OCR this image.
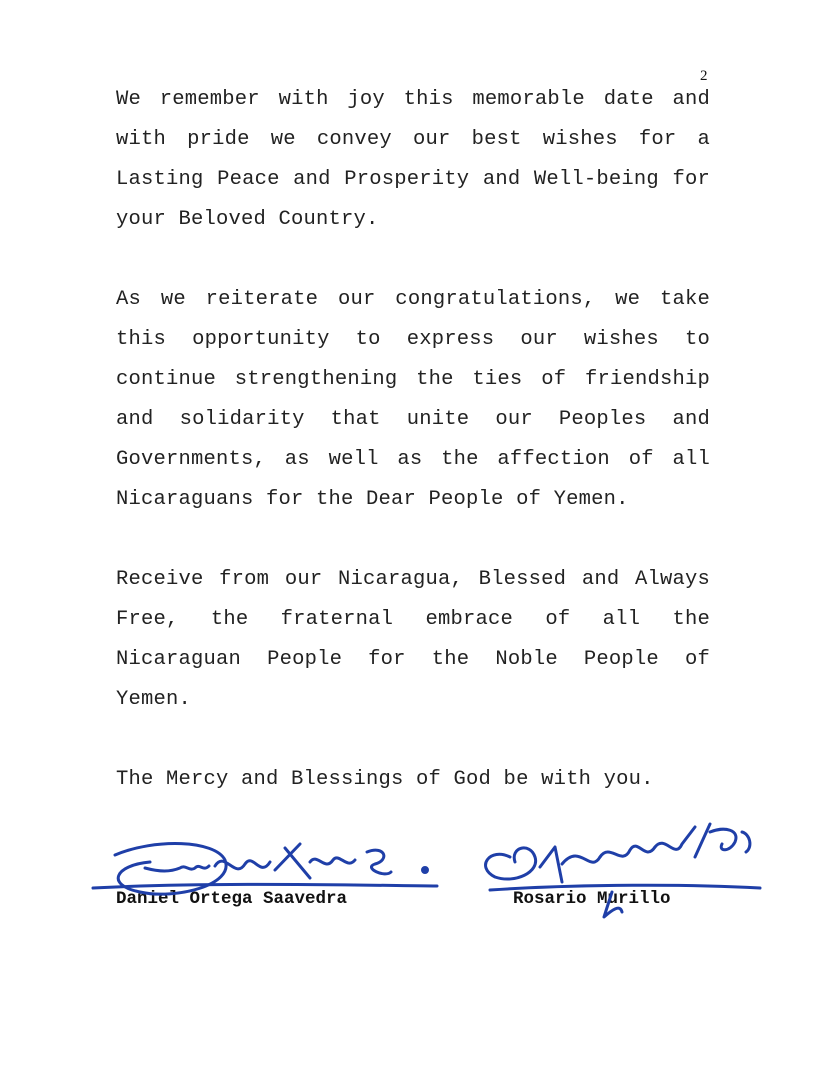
2

We remember with joy this memorable date and with pride we convey our best wishes for a Lasting Peace and Prosperity and Well-being for your Beloved Country.

As we reiterate our congratulations, we take this opportunity to express our wishes to continue strengthening the ties of friendship and solidarity that unite our Peoples and Governments, as well as the affection of all Nicaraguans for the Dear People of Yemen.

Receive from our Nicaragua, Blessed and Always Free, the fraternal embrace of all the Nicaraguan People for the Noble People of Yemen.

The Mercy and Blessings of God be with you.

Daniel Ortega Saavedra	Rosario Murillo
